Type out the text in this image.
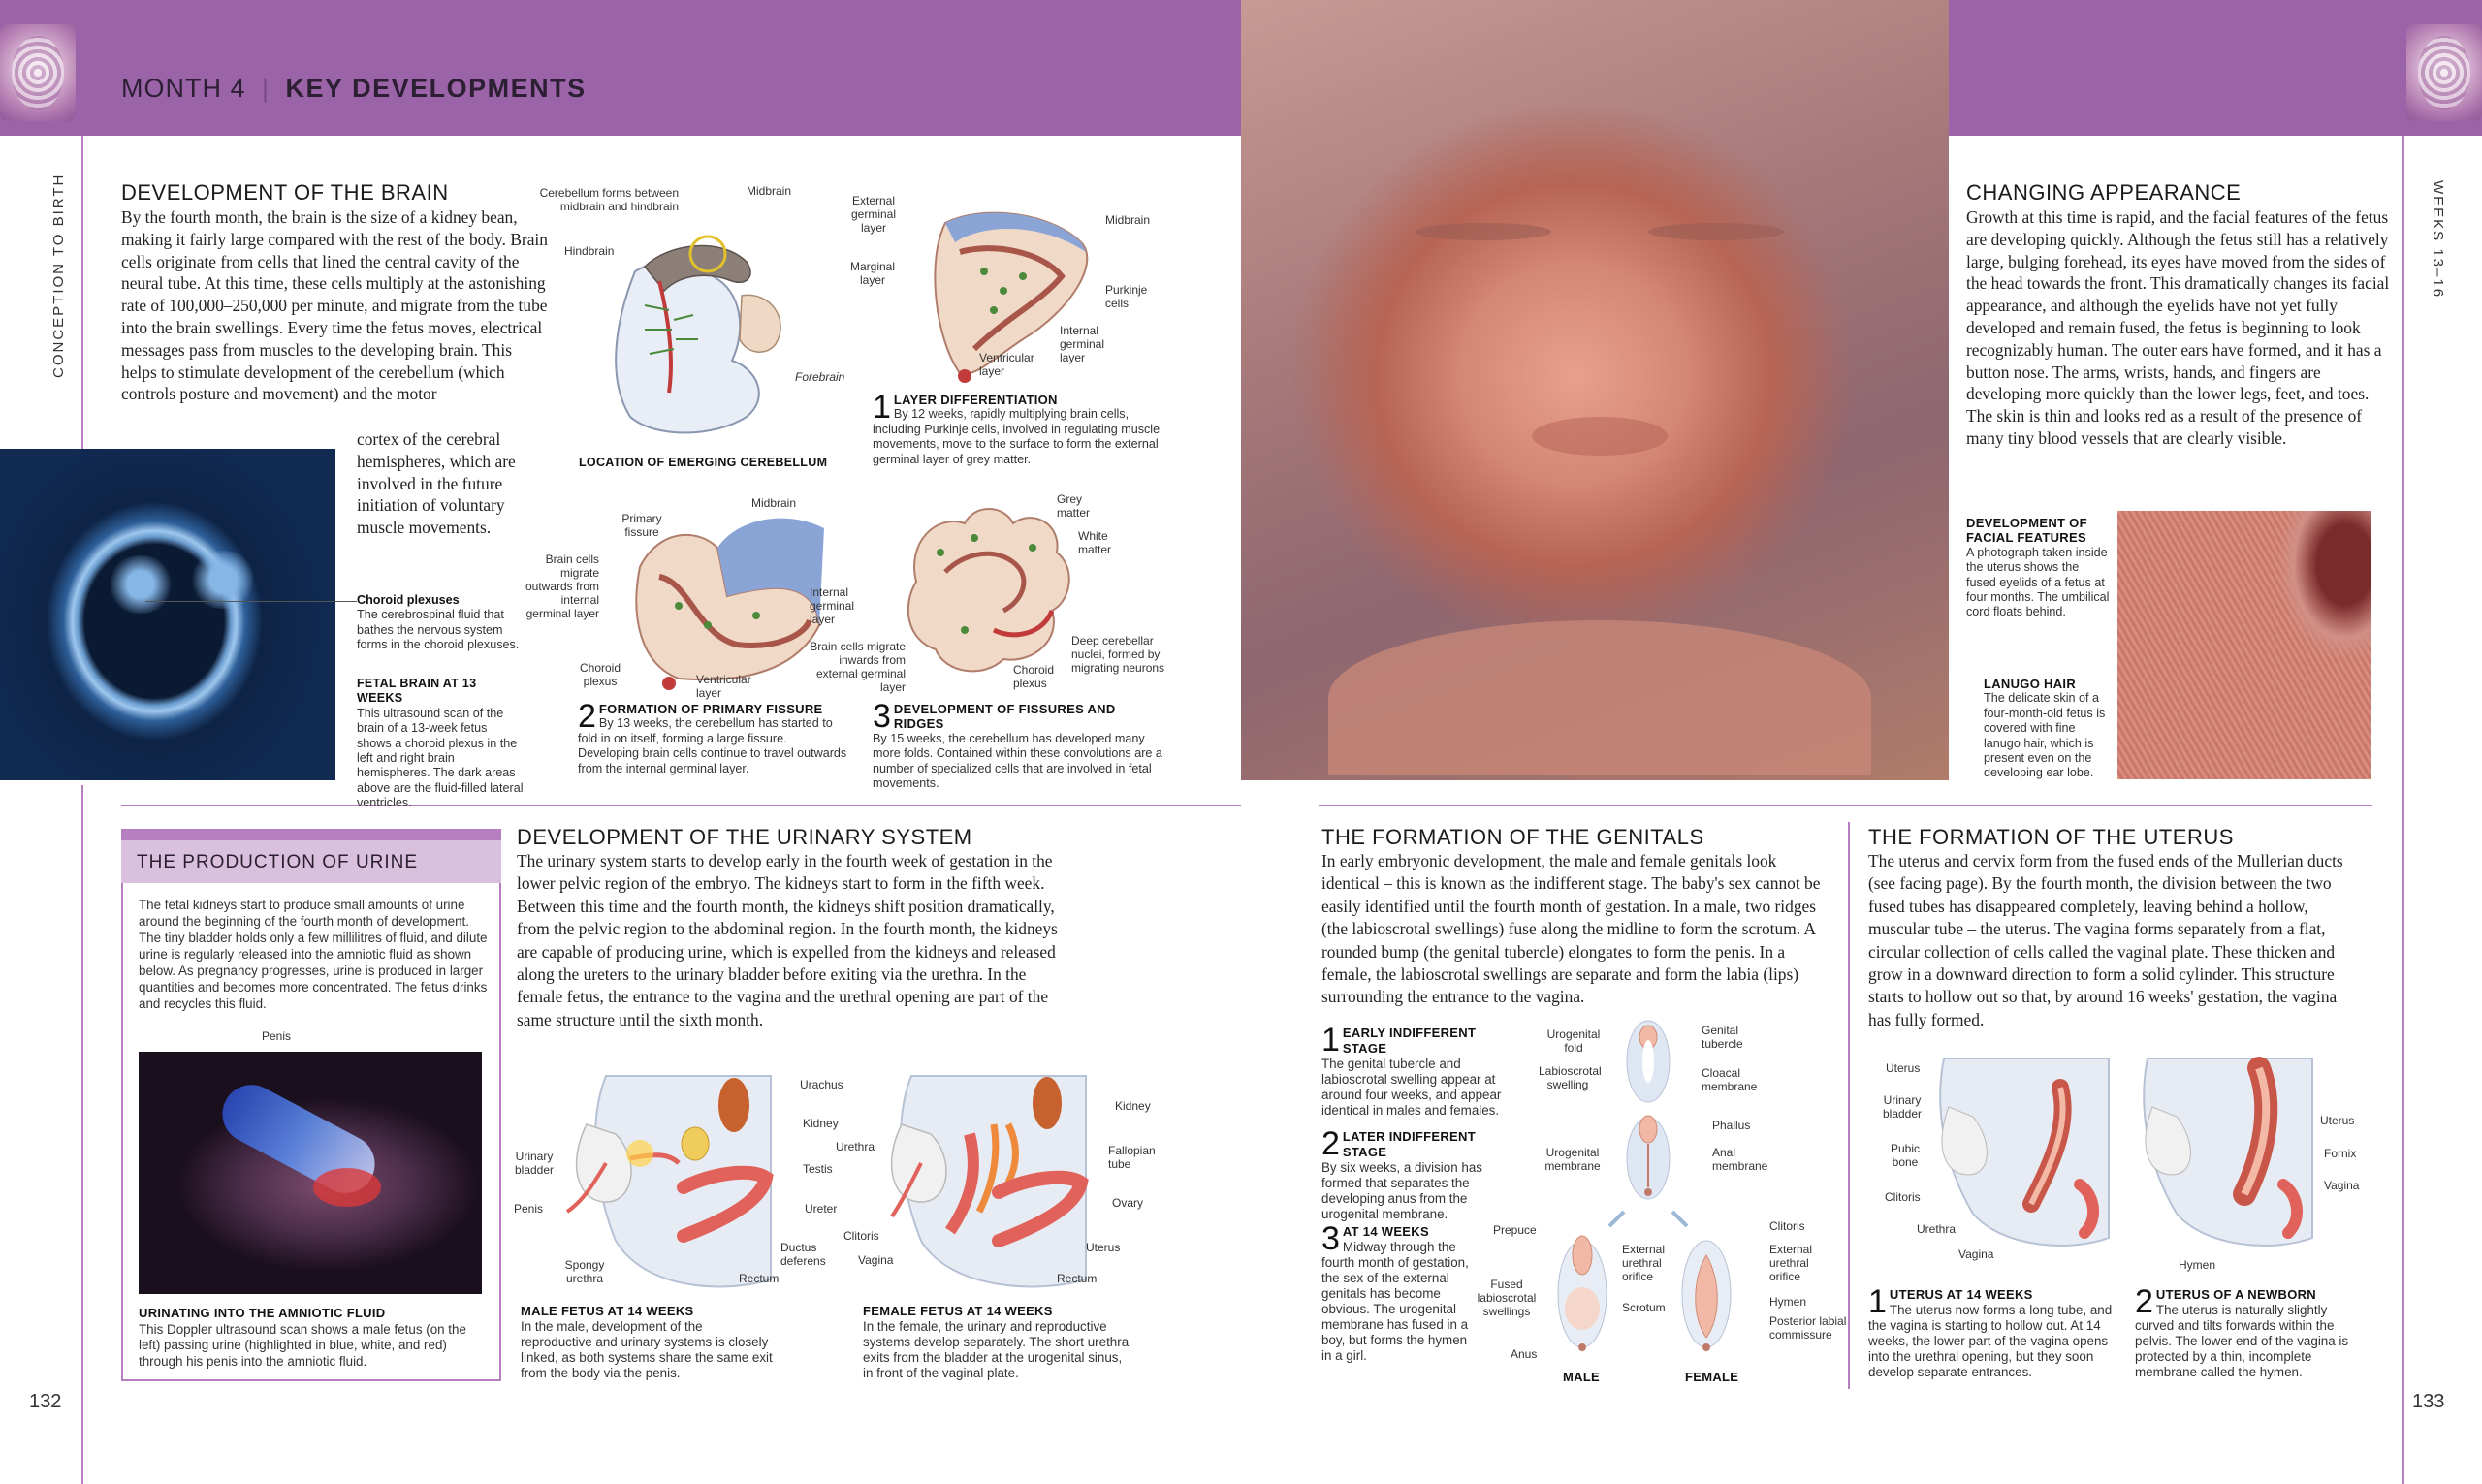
MONTH 4 | KEY DEVELOPMENTS
CONCEPTION TO BIRTH	WEEKS 13–16
132	133
DEVELOPMENT OF THE BRAIN
By the fourth month, the brain is the size of a kidney bean, making it fairly large compared with the rest of the body. Brain cells originate from cells that lined the central cavity of the neural tube. At this time, these cells multiply at the astonishing rate of 100,000–250,000 per minute, and migrate from the tube into the brain swellings. Every time the fetus moves, electrical messages pass from muscles to the developing brain. This helps to stimulate development of the cerebellum (which controls posture and movement) and the motor
cortex of the cerebral hemispheres, which are involved in the future initiation of voluntary muscle movements.
Choroid plexuses
The cerebrospinal fluid that bathes the nervous system forms in the choroid plexuses.
FETAL BRAIN AT 13 WEEKS
This ultrasound scan of the brain of a 13-week fetus shows a choroid plexus in the left and right brain hemispheres. The dark areas above are the fluid-filled lateral ventricles.
Cerebellum forms between midbrain and hindbrain
Midbrain
Hindbrain
Forebrain
LOCATION OF EMERGING CEREBELLUM
External germinal layer
Midbrain
Marginal layer
Purkinje cells
Internal germinal layer
Ventricular layer
1 LAYER DIFFERENTIATION
By 12 weeks, rapidly multiplying brain cells, including Purkinje cells, involved in regulating muscle movements, move to the surface to form the external germinal layer of grey matter.
Primary fissure
Midbrain
Brain cells migrate outwards from internal germinal layer
Internal germinal layer
Choroid plexus	Ventricular layer
2 FORMATION OF PRIMARY FISSURE
By 13 weeks, the cerebellum has started to fold in on itself, forming a large fissure. Developing brain cells continue to travel outwards from the internal germinal layer.
Grey matter
White matter
Deep cerebellar nuclei, formed by migrating neurons
Brain cells migrate inwards from external germinal layer
Choroid plexus
3 DEVELOPMENT OF FISSURES AND RIDGES
By 15 weeks, the cerebellum has developed many more folds. Contained within these convolutions are a number of specialized cells that are involved in fetal movements.
CHANGING APPEARANCE
Growth at this time is rapid, and the facial features of the fetus are developing quickly. Although the fetus still has a relatively large, bulging forehead, its eyes have moved from the sides of the head towards the front. This dramatically changes its facial appearance, and although the eyelids have not yet fully developed and remain fused, the fetus is beginning to look recognizably human. The outer ears have formed, and it has a button nose. The arms, wrists, hands, and fingers are developing more quickly than the lower legs, feet, and toes. The skin is thin and looks red as a result of the presence of many tiny blood vessels that are clearly visible.
DEVELOPMENT OF FACIAL FEATURES
A photograph taken inside the uterus shows the fused eyelids of a fetus at four months. The umbilical cord floats behind.
LANUGO HAIR
The delicate skin of a four-month-old fetus is covered with fine lanugo hair, which is present even on the developing ear lobe.
THE PRODUCTION OF URINE
The fetal kidneys start to produce small amounts of urine around the beginning of the fourth month of development. The tiny bladder holds only a few millilitres of fluid, and dilute urine is regularly released into the amniotic fluid as shown below. As pregnancy progresses, urine is produced in larger quantities and becomes more concentrated. The fetus drinks and recycles this fluid.
Penis
URINATING INTO THE AMNIOTIC FLUID
This Doppler ultrasound scan shows a male fetus (on the left) passing urine (highlighted in blue, white, and red) through his penis into the amniotic fluid.
DEVELOPMENT OF THE URINARY SYSTEM
The urinary system starts to develop early in the fourth week of gestation in the lower pelvic region of the embryo. The kidneys start to form in the fifth week. Between this time and the fourth month, the kidneys shift position dramatically, from the pelvic region to the abdominal region. In the fourth month, the kidneys are capable of producing urine, which is expelled from the kidneys and released along the ureters to the urinary bladder before exiting via the urethra. In the female fetus, the entrance to the vagina and the urethral opening are part of the same structure until the sixth month.
Urachus
Kidney
Testis
Urinary bladder
Ureter
Penis
Ductus deferens
Spongy urethra	Rectum
Kidney
Urethra	Fallopian tube
Ovary
Clitoris
Uterus
Vagina
Rectum
MALE FETUS AT 14 WEEKS
In the male, development of the reproductive and urinary systems is closely linked, as both systems share the same exit from the body via the penis.
FEMALE FETUS AT 14 WEEKS
In the female, the urinary and reproductive systems develop separately. The short urethra exits from the bladder at the urogenital sinus, in front of the vaginal plate.
THE FORMATION OF THE GENITALS
In early embryonic development, the male and female genitals look identical – this is known as the indifferent stage. The baby's sex cannot be easily identified until the fourth month of gestation. In a male, two ridges (the labioscrotal swellings) fuse along the midline to form the scrotum. A rounded bump (the genital tubercle) elongates to form the penis. In a female, the labioscrotal swellings are separate and form the labia (lips) surrounding the entrance to the vagina.
1 EARLY INDIFFERENT STAGE
The genital tubercle and labioscrotal swelling appear at around four weeks, and appear identical in males and females.
2 LATER INDIFFERENT STAGE
By six weeks, a division has formed that separates the developing anus from the urogenital membrane.
3 AT 14 WEEKS
Midway through the fourth month of gestation, the sex of the external genitals has become obvious. The urogenital membrane has fused in a boy, but forms the hymen in a girl.
Urogenital fold
Genital tubercle
Labioscrotal swelling
Cloacal membrane
Phallus
Urogenital membrane
Anal membrane
Prepuce
External urethral orifice
Fused labioscrotal swellings	Scrotum
Anus
Clitoris
External urethral orifice
Hymen
Posterior labial commissure
MALE	FEMALE
THE FORMATION OF THE UTERUS
The uterus and cervix form from the fused ends of the Mullerian ducts (see facing page). By the fourth month, the division between the two fused tubes has disappeared completely, leaving behind a hollow, muscular tube – the uterus. The vagina forms separately from a flat, circular collection of cells called the vaginal plate. These thicken and grow in a downward direction to form a solid cylinder. This structure starts to hollow out so that, by around 16 weeks' gestation, the vagina has fully formed.
Uterus
Urinary bladder
Pubic bone
Clitoris
Urethra
Vagina
Uterus
Fornix
Vagina
Hymen
1 UTERUS AT 14 WEEKS
The uterus now forms a long tube, and the vagina is starting to hollow out. At 14 weeks, the lower part of the vagina opens into the urethral opening, but they soon develop separate entrances.
2 UTERUS OF A NEWBORN
The uterus is naturally slightly curved and tilts forwards within the pelvis. The lower end of the vagina is protected by a thin, incomplete membrane called the hymen.
